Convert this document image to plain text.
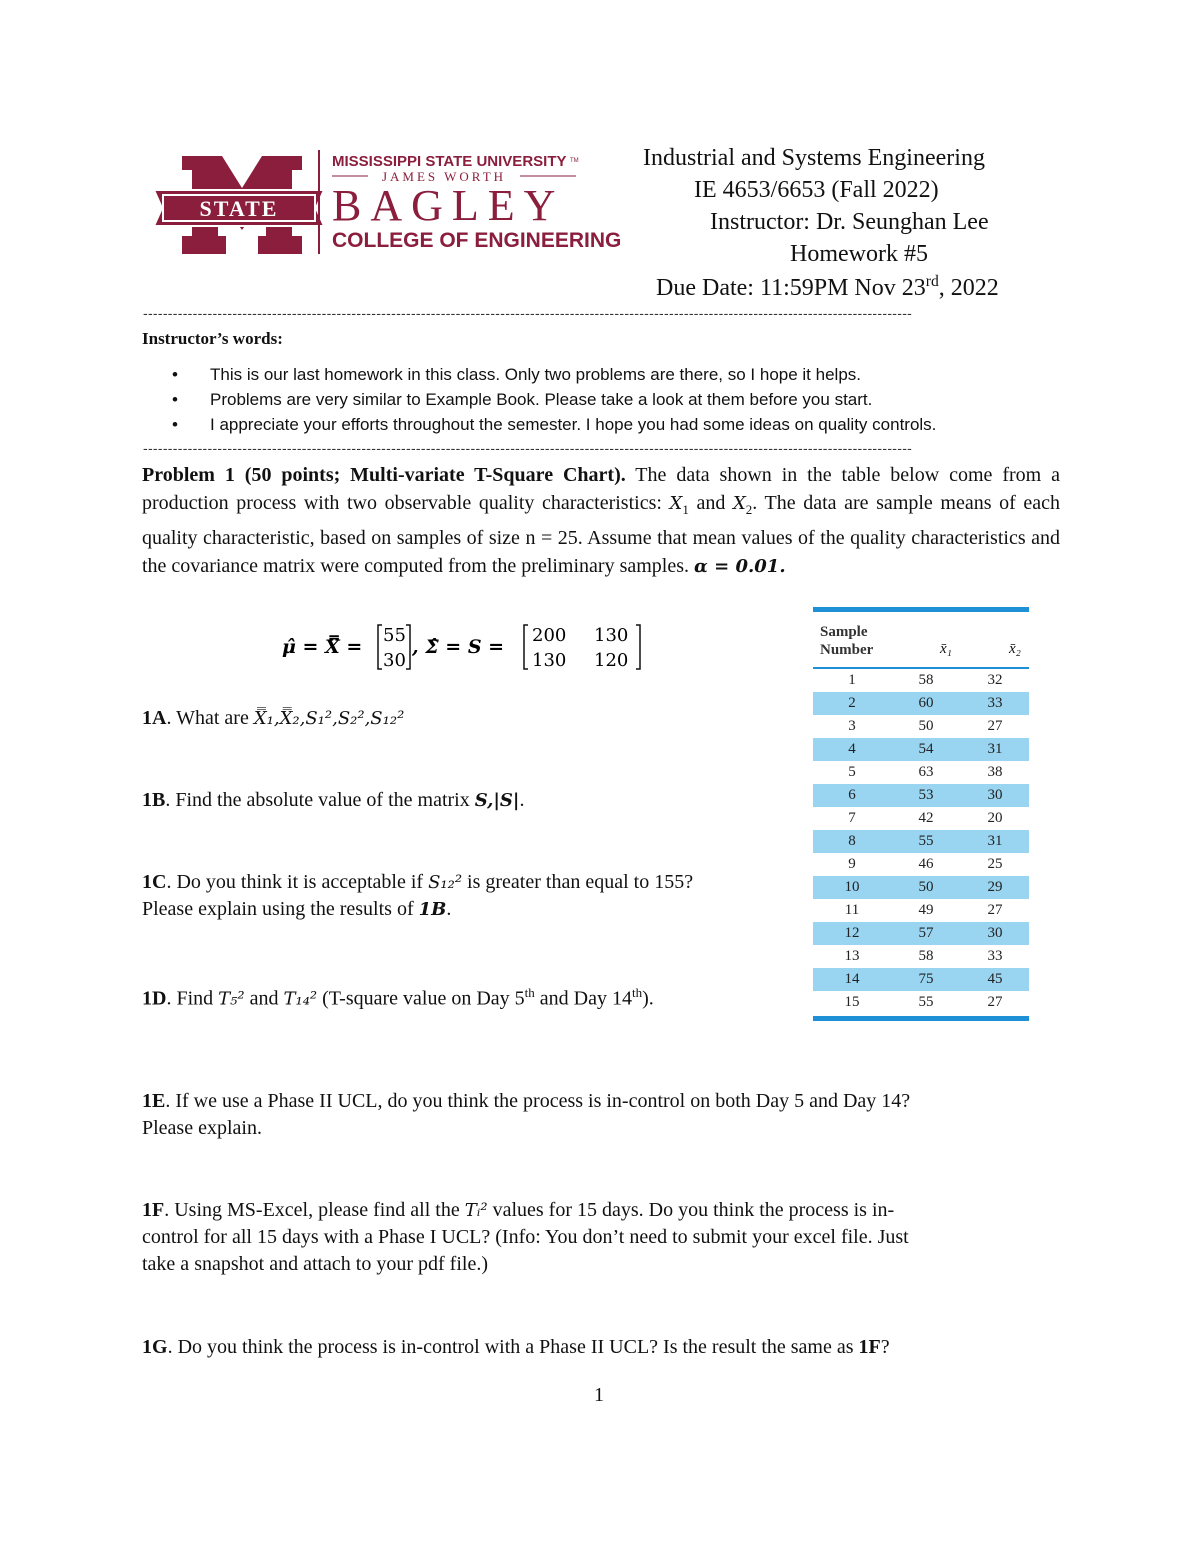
STATE
MISSISSIPPI STATE UNIVERSITY TM
JAMES WORTH
BAGLEY
COLLEGE OF ENGINEERING
Industrial and Systems Engineering
IE 4653/6653 (Fall 2022)
Instructor: Dr. Seunghan Lee
Homework #5
Due Date: 11:59PM Nov 23rd, 2022
-----------------------------------------------------------------------------------------------------------------------------------------------------------
Instructor’s words:
• This is our last homework in this class. Only two problems are there, so I hope it helps.
• Problems are very similar to Example Book. Please take a look at them before you start.
• I appreciate your efforts throughout the semester. I hope you had some ideas on quality controls.
-----------------------------------------------------------------------------------------------------------------------------------------------------------
Problem 1 (50 points; Multi-variate T-Square Chart). The data shown in the table below come from a production process with two observable quality characteristics: $X_1$ and $X_2$. The data are sample means of each quality characteristic, based on samples of size n = 25. Assume that mean values of the quality characteristics and the covariance matrix were computed from the preliminary samples. α = 0.01.
μ̂ = X̿ =
55
30
, Σ̂ = S =
200 130
130 120
1A. What are X̿₁,X̿₂,S₁²,S₂²,S₁₂²
1B. Find the absolute value of the matrix S,|S|.
1C. Do you think it is acceptable if S₁₂² is greater than equal to 155?
Please explain using the results of 1B.
1D. Find T₅² and T₁₄² (T-square value on Day 5th and Day 14th).
1E. If we use a Phase II UCL, do you think the process is in-control on both Day 5 and Day 14?
Please explain.
1F. Using MS-Excel, please find all the Tᵢ² values for 15 days. Do you think the process is in-
control for all 15 days with a Phase I UCL? (Info: You don’t need to submit your excel file. Just
take a snapshot and attach to your pdf file.)
1G. Do you think the process is in-control with a Phase II UCL? Is the result the same as 1F?
Sample
Number	x̄₁	x̄₂
1	58	32
2	60	33
3	50	27
4	54	31
5	63	38
6	53	30
7	42	20
8	55	31
9	46	25
10	50	29
11	49	27
12	57	30
13	58	33
14	75	45
15	55	27
1
